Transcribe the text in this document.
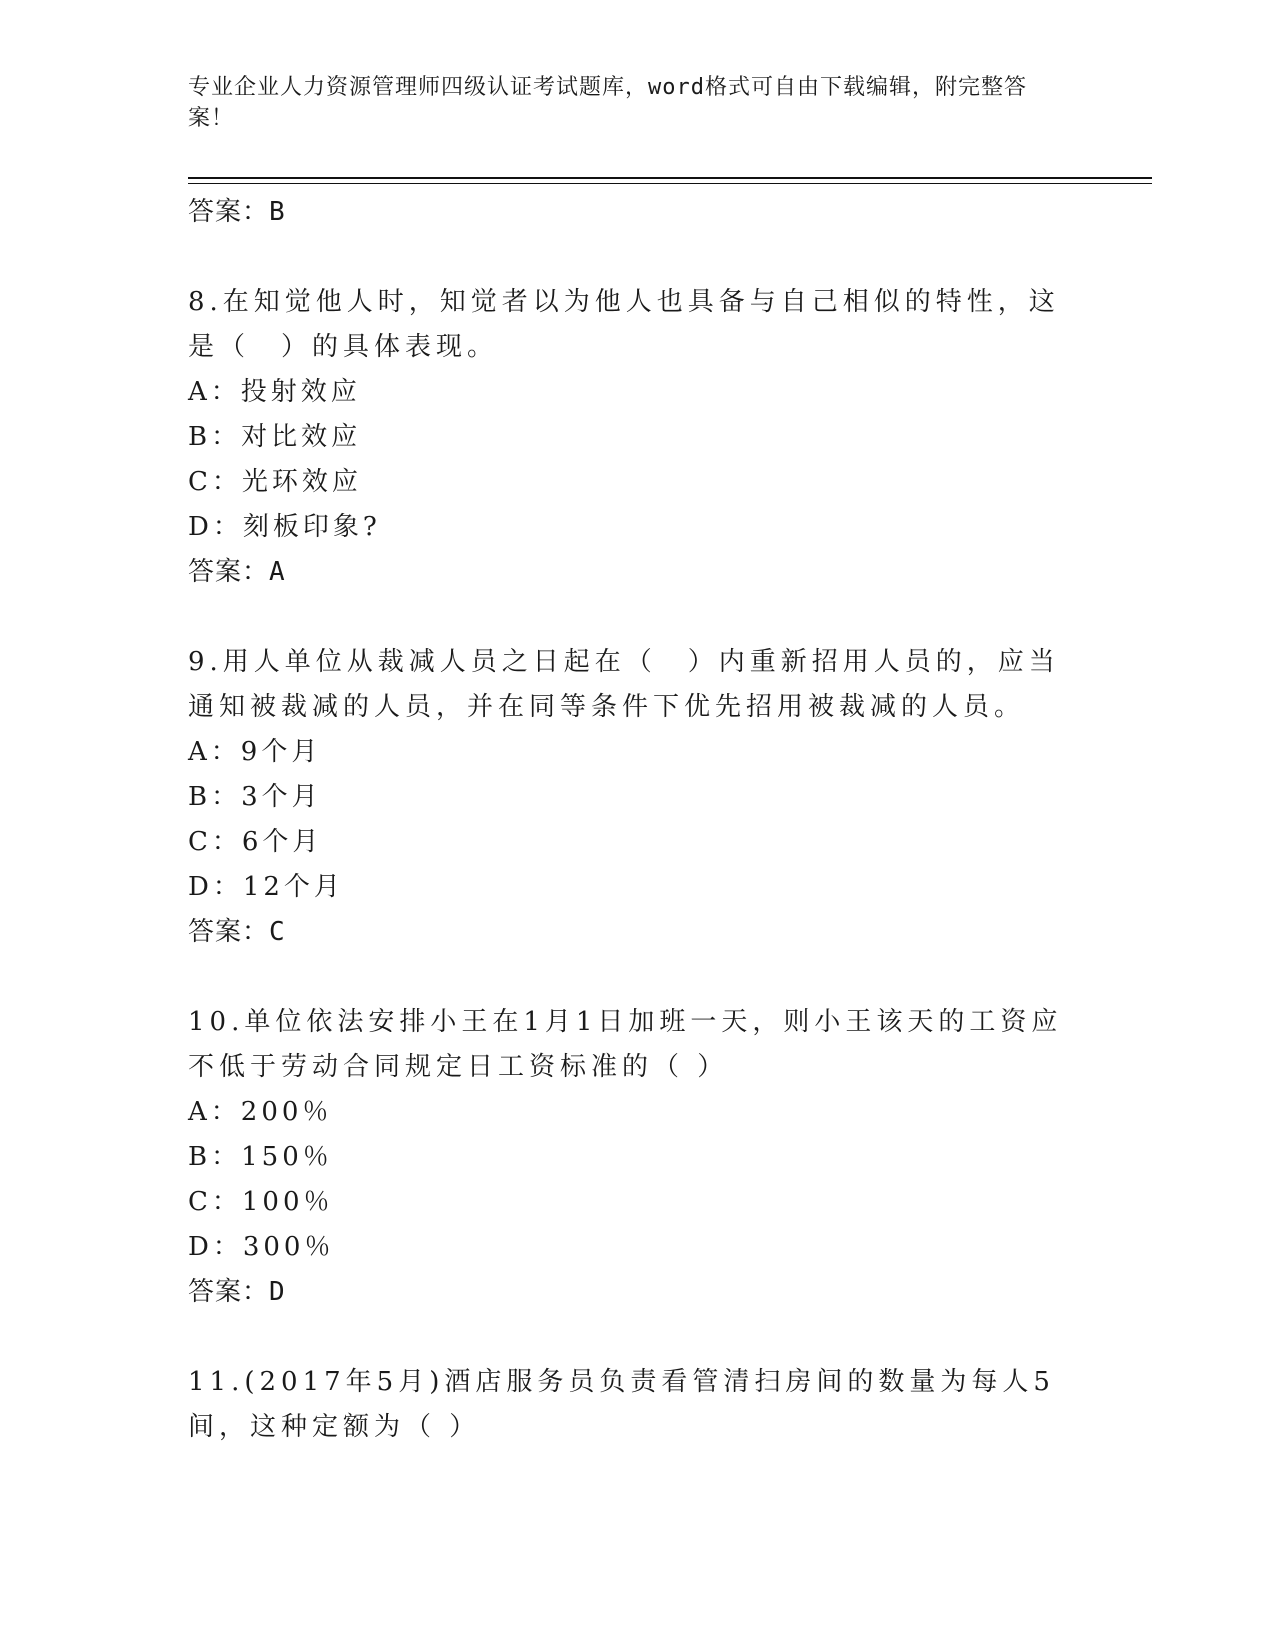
专业企业人力资源管理师四级认证考试题库，word格式可自由下载编辑，附完整答案！

答案：B

8.在知觉他人时，知觉者以为他人也具备与自己相似的特性，这是（　）的具体表现。

A：投射效应

B：对比效应

C：光环效应

D：刻板印象?

答案：A

9.用人单位从裁减人员之日起在（　）内重新招用人员的，应当通知被裁减的人员，并在同等条件下优先招用被裁减的人员。

A：9个月

B：3个月

C：6个月

D：12个月

答案：C

10.单位依法安排小王在1月1日加班一天，则小王该天的工资应不低于劳动合同规定日工资标准的（ ）

A：200％

B：150％

C：100％

D：300％

答案：D

11.(2017年5月)酒店服务员负责看管清扫房间的数量为每人5间，这种定额为（ ）
